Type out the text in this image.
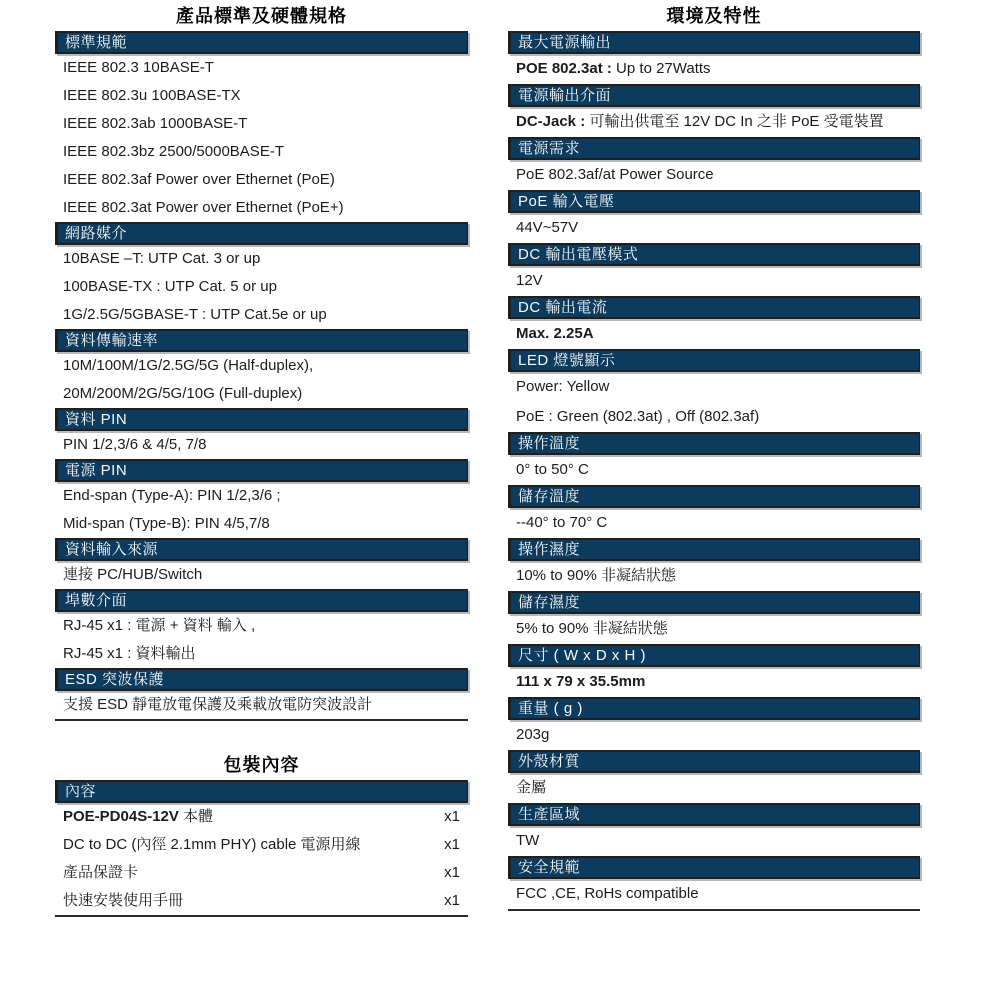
產品標準及硬體規格
標準規範
IEEE 802.3 10BASE-T
IEEE 802.3u 100BASE-TX
IEEE 802.3ab 1000BASE-T
IEEE 802.3bz 2500/5000BASE-T
IEEE 802.3af Power over Ethernet (PoE)
IEEE 802.3at Power over Ethernet (PoE+)
網路媒介
10BASE –T: UTP Cat. 3 or up
100BASE-TX : UTP Cat. 5 or up
1G/2.5G/5GBASE-T : UTP Cat.5e or up
資料傳輸速率
10M/100M/1G/2.5G/5G (Half-duplex),
20M/200M/2G/5G/10G (Full-duplex)
資料 PIN
PIN 1/2,3/6 & 4/5, 7/8
電源 PIN
End-span (Type-A): PIN 1/2,3/6 ;
Mid-span (Type-B): PIN 4/5,7/8
資料輸入來源
連接 PC/HUB/Switch
埠數介面
RJ-45 x1 : 電源 + 資料 輸入 ,
RJ-45 x1 : 資料輸出
ESD 突波保護
支援 ESD 靜電放電保護及乘載放電防突波設計
包裝內容
內容
POE-PD04S-12V 本體	x1
DC to DC (內徑 2.1mm PHY) cable 電源用線	x1
產品保證卡	x1
快速安裝使用手冊	x1
環境及特性
最大電源輸出
POE 802.3at : Up to 27Watts
電源輸出介面
DC-Jack : 可輸出供電至 12V DC In 之非 PoE 受電裝置
電源需求
PoE 802.3af/at Power Source
PoE 輸入電壓
44V~57V
DC 輸出電壓模式
12V
DC 輸出電流
Max. 2.25A
LED 燈號顯示
Power: Yellow
PoE : Green (802.3at) , Off (802.3af)
操作溫度
0° to 50° C
儲存溫度
--40° to 70° C
操作濕度
10% to 90% 非凝結狀態
儲存濕度
5% to 90% 非凝結狀態
尺寸 ( W x D x H )
111 x 79 x 35.5mm
重量 ( g )
203g
外殼材質
金屬
生產區域
TW
安全規範
FCC ,CE, RoHs compatible
